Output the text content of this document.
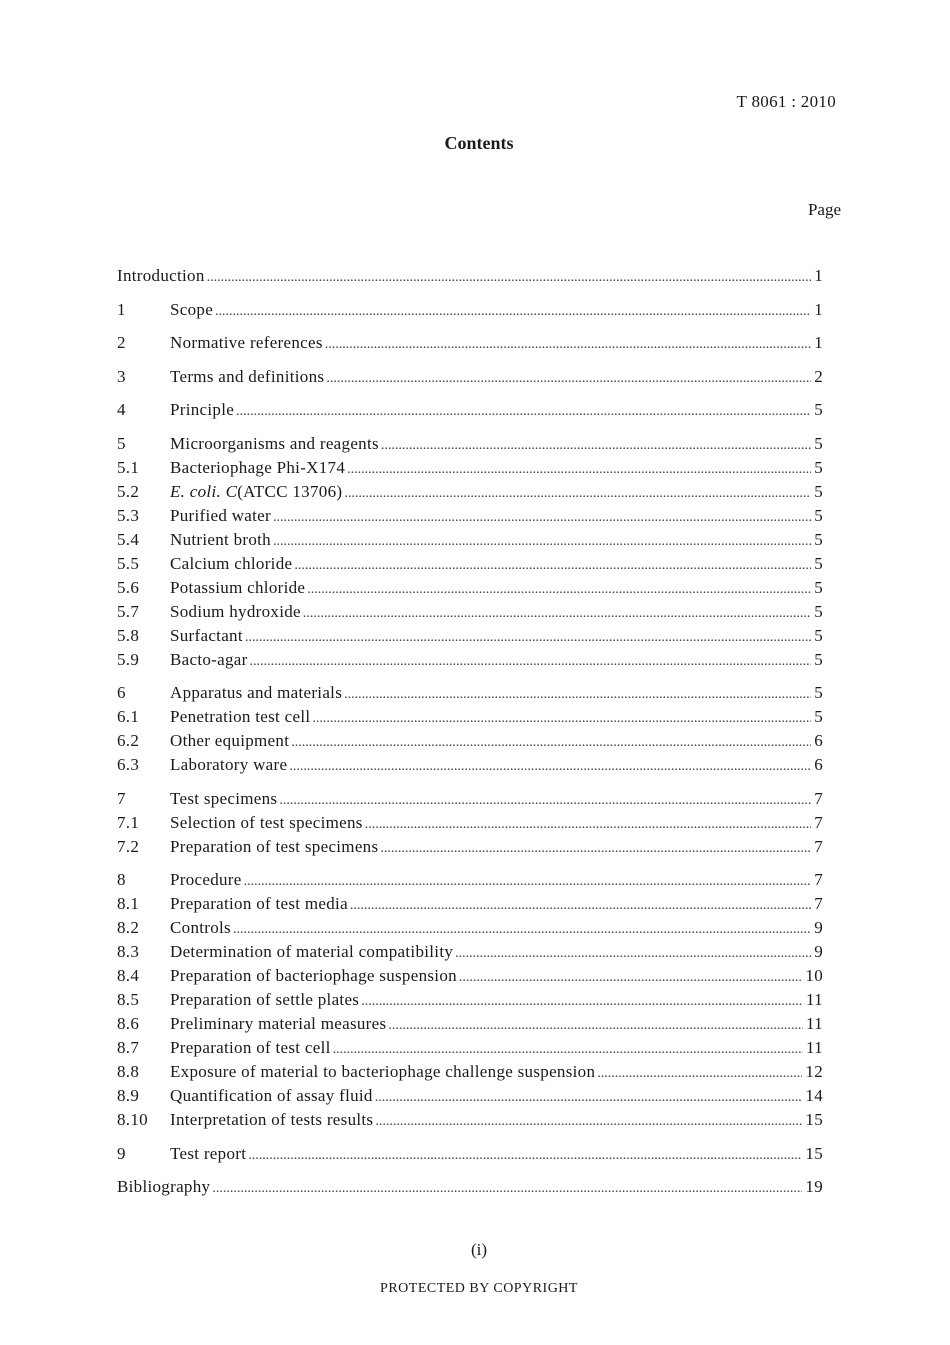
T 8061 : 2010
Contents
Page
Introduction .....	1
1	Scope .....	1
2	Normative references .....	1
3	Terms and definitions .....	2
4	Principle .....	5
5	Microorganisms and reagents .....	5
5.1	Bacteriophage Phi-X174 .....	5
5.2	E. coli. C(ATCC 13706) .....	5
5.3	Purified water .....	5
5.4	Nutrient broth .....	5
5.5	Calcium chloride .....	5
5.6	Potassium chloride .....	5
5.7	Sodium hydroxide .....	5
5.8	Surfactant .....	5
5.9	Bacto-agar .....	5
6	Apparatus and materials .....	5
6.1	Penetration test cell .....	5
6.2	Other equipment .....	6
6.3	Laboratory ware .....	6
7	Test specimens .....	7
7.1	Selection of test specimens .....	7
7.2	Preparation of test specimens .....	7
8	Procedure .....	7
8.1	Preparation of test media .....	7
8.2	Controls .....	9
8.3	Determination of material compatibility .....	9
8.4	Preparation of bacteriophage suspension .....	10
8.5	Preparation of settle plates .....	11
8.6	Preliminary material measures .....	11
8.7	Preparation of test cell .....	11
8.8	Exposure of material to bacteriophage challenge suspension .....	12
8.9	Quantification of assay fluid .....	14
8.10	Interpretation of tests results .....	15
9	Test report .....	15
Bibliography .....	19
(i)
PROTECTED BY COPYRIGHT
